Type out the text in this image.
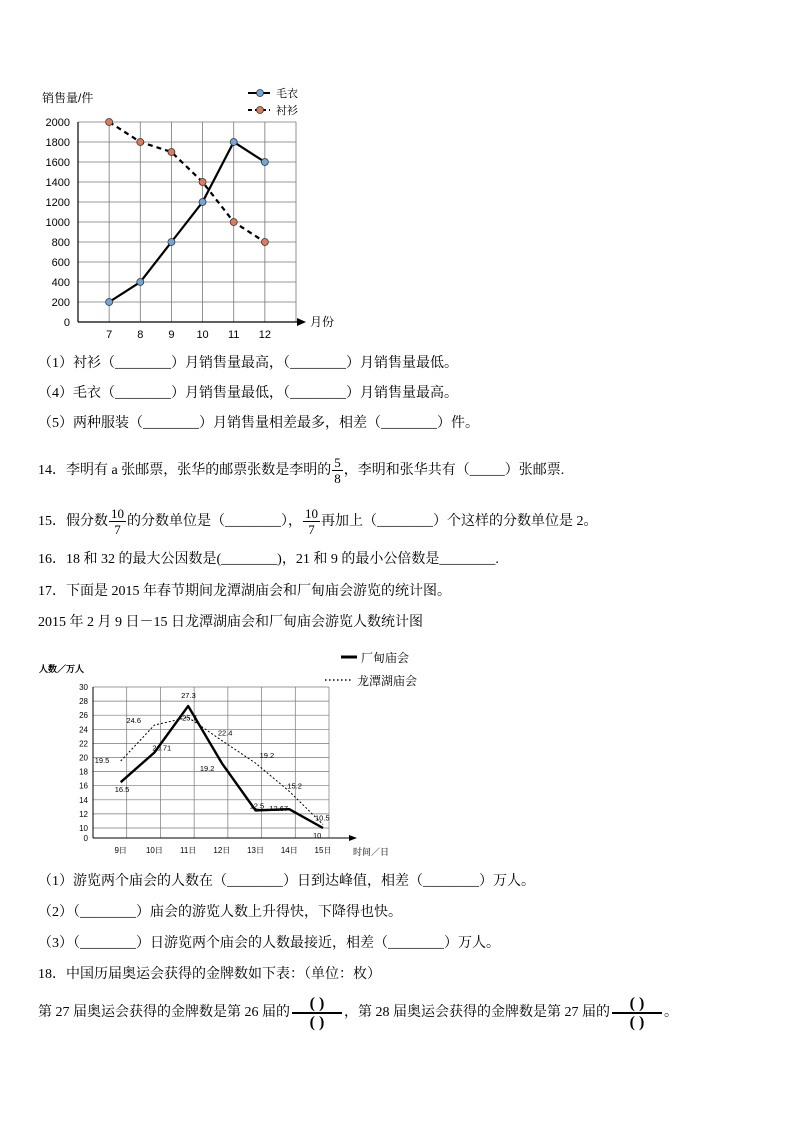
0
200
400
600
800
1000
1200
1400
1600
1800
2000
7 8 9 10 11 12
销售量/件
月份
毛衣
衬衫
（1）衬衫（________）月销售量最高，（________）月销售量最低。
（4）毛衣（________）月销售量最低，（________）月销售量最高。
（5）两种服装（________）月销售量相差最多，相差（________）件。
14．李明有 a 张邮票，张华的邮票张数是李明的 $\frac{5}{8}$ ，李明和张华共有（_____）张邮票.
15．假分数 $\frac{10}{7}$ 的分数单位是（________）， $\frac{10}{7}$ 再加上（________）个这样的分数单位是 2。
16．18 和 32 的最大公因数是(________)，21 和 9 的最小公倍数是________.
17．下面是 2015 年春节期间龙潭湖庙会和厂甸庙会游览的统计图。
2015 年 2 月 9 日－15 日龙潭湖庙会和厂甸庙会游览人数统计图
0
10
12
14
16
18
20
22
24
26
28
30
9日 10日 11日 12日 13日 14日 15日
19.5
16.5
24.6
20.71
27.3
25.7
22.4
19.2
19.2
12.5 12.67
15.2
10.5
10
人数／万人
时间／日
厂甸庙会
龙潭湖庙会
（1）游览两个庙会的人数在（________）日到达峰值，相差（________）万人。
（2）（________）庙会的游览人数上升得快，下降得也快。
（3）（________）日游览两个庙会的人数最接近，相差（________）万人。
18．中国历届奥运会获得的金牌数如下表：（单位：枚）
第 27 届奥运会获得的金牌数是第 26 届的
( )
( )
，第 28 届奥运会获得的金牌数是第 27 届的
( )
( )
。
